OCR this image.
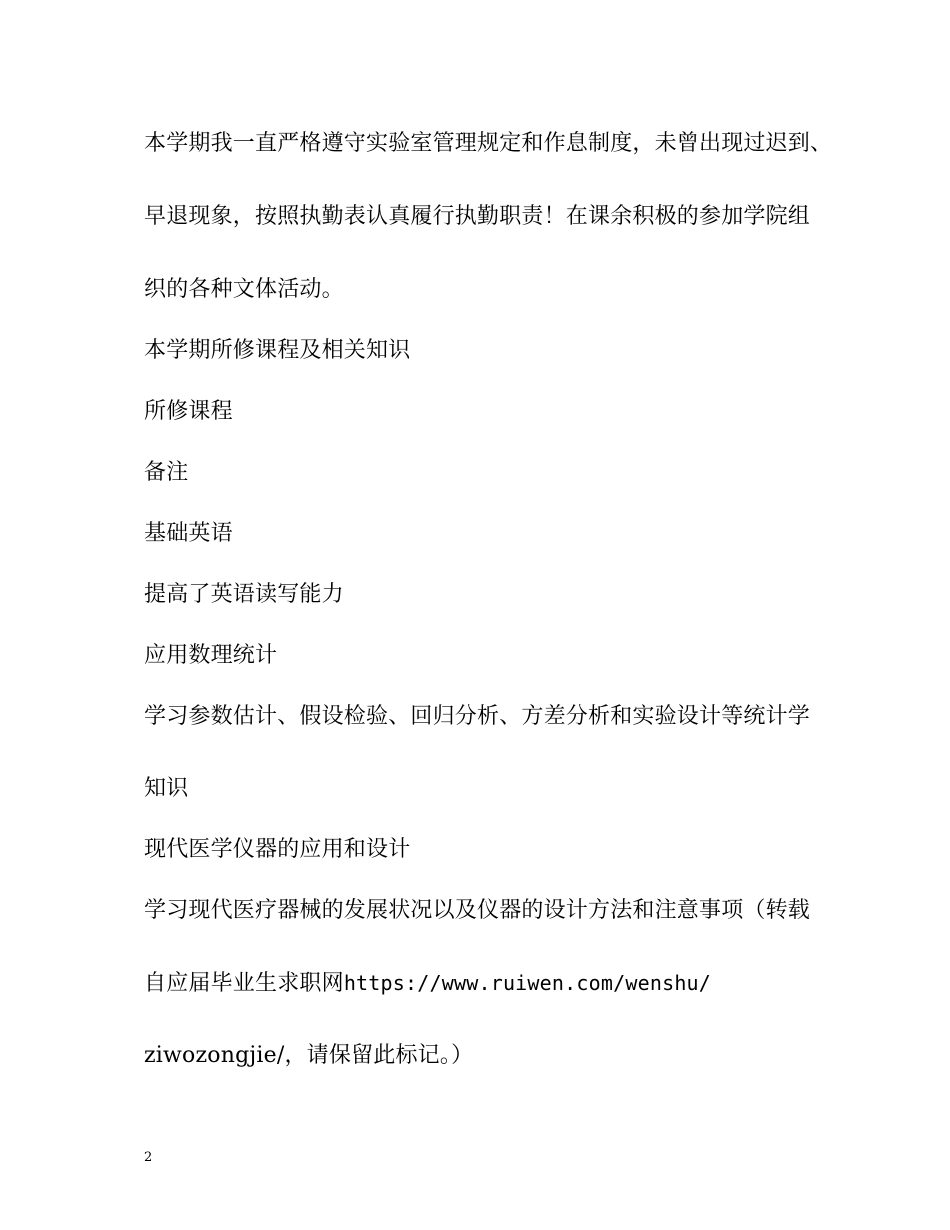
本学期我一直严格遵守实验室管理规定和作息制度，未曾出现过迟到、
早退现象，按照执勤表认真履行执勤职责！在课余积极的参加学院组
织的各种文体活动。
本学期所修课程及相关知识
所修课程
备注
基础英语
提高了英语读写能力
应用数理统计
学习参数估计、假设检验、回归分析、方差分析和实验设计等统计学
知识
现代医学仪器的应用和设计
学习现代医疗器械的发展状况以及仪器的设计方法和注意事项（转载
自应届毕业生求职网https://www.ruiwen.com/wenshu/
ziwozongjie/，请保留此标记。）
2
